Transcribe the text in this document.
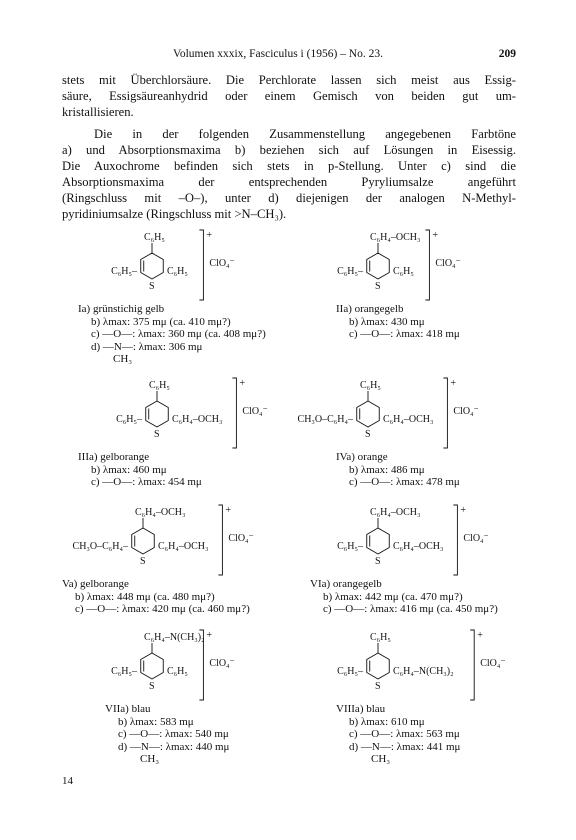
Volumen xxxix, Fasciculus i (1956) – No. 23.	209

stets mit Überchlorsäure. Die Perchlorate lassen sich meist aus Essig-
säure, Essigsäureanhydrid oder einem Gemisch von beiden gut um-
kristallisieren.

Die in der folgenden Zusammenstellung angegebenen Farbtöne
a) und Absorptionsmaxima b) beziehen sich auf Lösungen in Eisessig.
Die Auxochrome befinden sich stets in p-Stellung. Unter c) sind die
Absorptionsmaxima der entsprechenden Pyryliumsalze angeführt
(Ringschluss mit –O–), unter d) diejenigen der analogen N-Methyl-
pyridiniumsalze (Ringschluss mit >N–CH₃).

C₆H₅
C₆H₅–	C₆H₅
S
+
ClO₄⁻
Ia) grünstichig gelb
b) λmax: 375 mμ (ca. 410 mμ?)
c) —O—: λmax: 360 mμ (ca. 408 mμ?)
d) —N—: λmax: 306 mμ
CH₃
C₆H₄–OCH₃
C₆H₅–	C₆H₅
S
+
ClO₄⁻
IIa) orangegelb
b) λmax: 430 mμ
c) —O—: λmax: 418 mμ
C₆H₅
C₆H₅–	C₆H₄–OCH₃
S
+
ClO₄⁻
IIIa) gelborange
b) λmax: 460 mμ
c) —O—: λmax: 454 mμ
C₆H₅
CH₃O–C₆H₄–	C₆H₄–OCH₃
S
+
ClO₄⁻
IVa) orange
b) λmax: 486 mμ
c) —O—: λmax: 478 mμ
C₆H₄–OCH₃
CH₃O–C₆H₄–	C₆H₄–OCH₃
S
+
ClO₄⁻
Va) gelborange
b) λmax: 448 mμ (ca. 480 mμ?)
c) —O—: λmax: 420 mμ (ca. 460 mμ?)
C₆H₄–OCH₃
C₆H₅–	C₆H₄–OCH₃
S
+
ClO₄⁻
VIa) orangegelb
b) λmax: 442 mμ (ca. 470 mμ?)
c) —O—: λmax: 416 mμ (ca. 450 mμ?)
C₆H₄–N(CH₃)₂
C₆H₅–	C₆H₅
S
+
ClO₄⁻
VIIa) blau
b) λmax: 583 mμ
c) —O—: λmax: 540 mμ
d) —N—: λmax: 440 mμ
CH₃
C₆H₅
C₆H₅–	C₆H₄–N(CH₃)₂
S
+
ClO₄⁻
VIIIa) blau
b) λmax: 610 mμ
c) —O—: λmax: 563 mμ
d) —N—: λmax: 441 mμ
CH₃
14
